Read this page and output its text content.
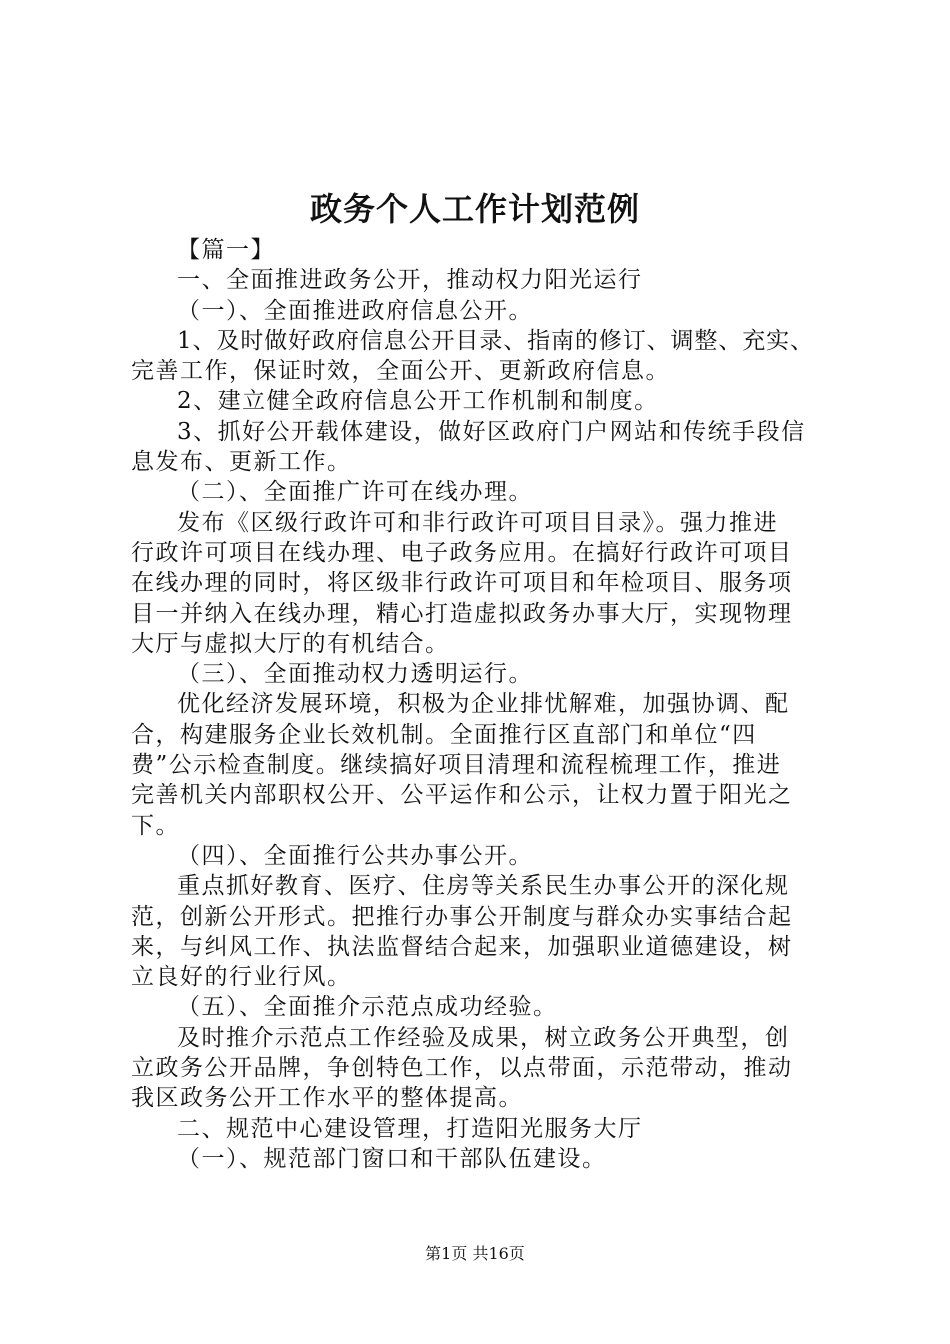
政务个人工作计划范例

【篇一】

一、全面推进政务公开，推动权力阳光运行

（一）、全面推进政府信息公开。

1、及时做好政府信息公开目录、指南的修订、调整、充实、

完善工作，保证时效，全面公开、更新政府信息。

2、建立健全政府信息公开工作机制和制度。

3、抓好公开载体建设，做好区政府门户网站和传统手段信

息发布、更新工作。

（二）、全面推广许可在线办理。

发布《区级行政许可和非行政许可项目目录》。强力推进

行政许可项目在线办理、电子政务应用。在搞好行政许可项目

在线办理的同时，将区级非行政许可项目和年检项目、服务项

目一并纳入在线办理，精心打造虚拟政务办事大厅，实现物理

大厅与虚拟大厅的有机结合。

（三）、全面推动权力透明运行。

优化经济发展环境，积极为企业排忧解难，加强协调、配

合，构建服务企业长效机制。全面推行区直部门和单位“四

费”公示检查制度。继续搞好项目清理和流程梳理工作，推进

完善机关内部职权公开、公平运作和公示，让权力置于阳光之

下。

（四）、全面推行公共办事公开。

重点抓好教育、医疗、住房等关系民生办事公开的深化规

范，创新公开形式。把推行办事公开制度与群众办实事结合起

来，与纠风工作、执法监督结合起来，加强职业道德建设，树

立良好的行业行风。

（五）、全面推介示范点成功经验。

及时推介示范点工作经验及成果，树立政务公开典型，创

立政务公开品牌，争创特色工作，以点带面，示范带动，推动

我区政务公开工作水平的整体提高。

二、规范中心建设管理，打造阳光服务大厅

（一）、规范部门窗口和干部队伍建设。

第1页 共16页
